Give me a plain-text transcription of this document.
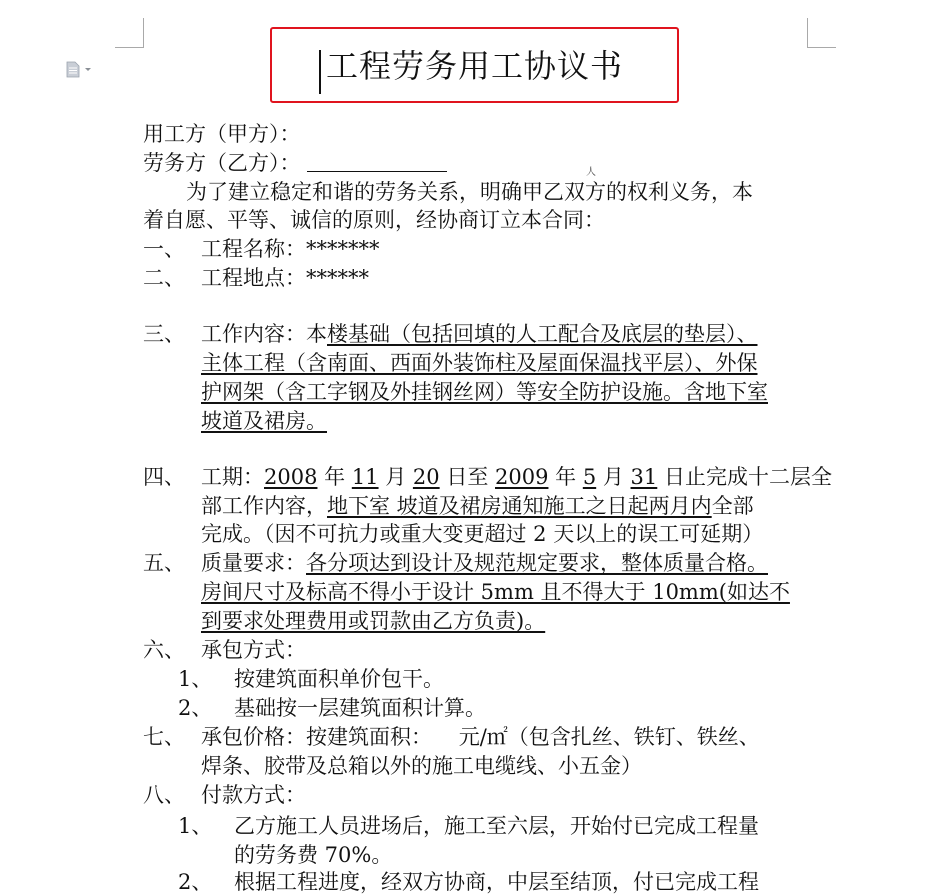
工程劳务用工协议书
用工方（甲方）：
劳务方（乙方）：	人
为了建立稳定和谐的劳务关系，明确甲乙双方的权利义务，本
着自愿、平等、诚信的原则，经协商订立本合同：
一、 工程名称：*******
二、 工程地点：******
三、 工作内容：本楼基础（包括回填的人工配合及底层的垫层）、
主体工程（含南面、西面外装饰柱及屋面保温找平层）、外保
护网架（含工字钢及外挂钢丝网）等安全防护设施。含地下室
坡道及裙房。
四、 工期：2008 年 11 月 20 日至 2009 年 5 月 31 日止完成十二层全
部工作内容，地下室 坡道及裙房通知施工之日起两月内全部
完成。（因不可抗力或重大变更超过 2 天以上的误工可延期）
五、 质量要求：各分项达到设计及规范规定要求，整体质量合格。
房间尺寸及标高不得小于设计 5mm 且不得大于 10mm(如达不
到要求处理费用或罚款由乙方负责)。
六、 承包方式：
1、 按建筑面积单价包干。
2、 基础按一层建筑面积计算。
七、 承包价格：按建筑面积：    元/㎡（包含扎丝、铁钉、铁丝、
焊条、胶带及总箱以外的施工电缆线、小五金）
八、 付款方式：
1、 乙方施工人员进场后，施工至六层，开始付已完成工程量
的劳务费 70%。
2、 根据工程进度，经双方协商，中层至结顶，付已完成工程
